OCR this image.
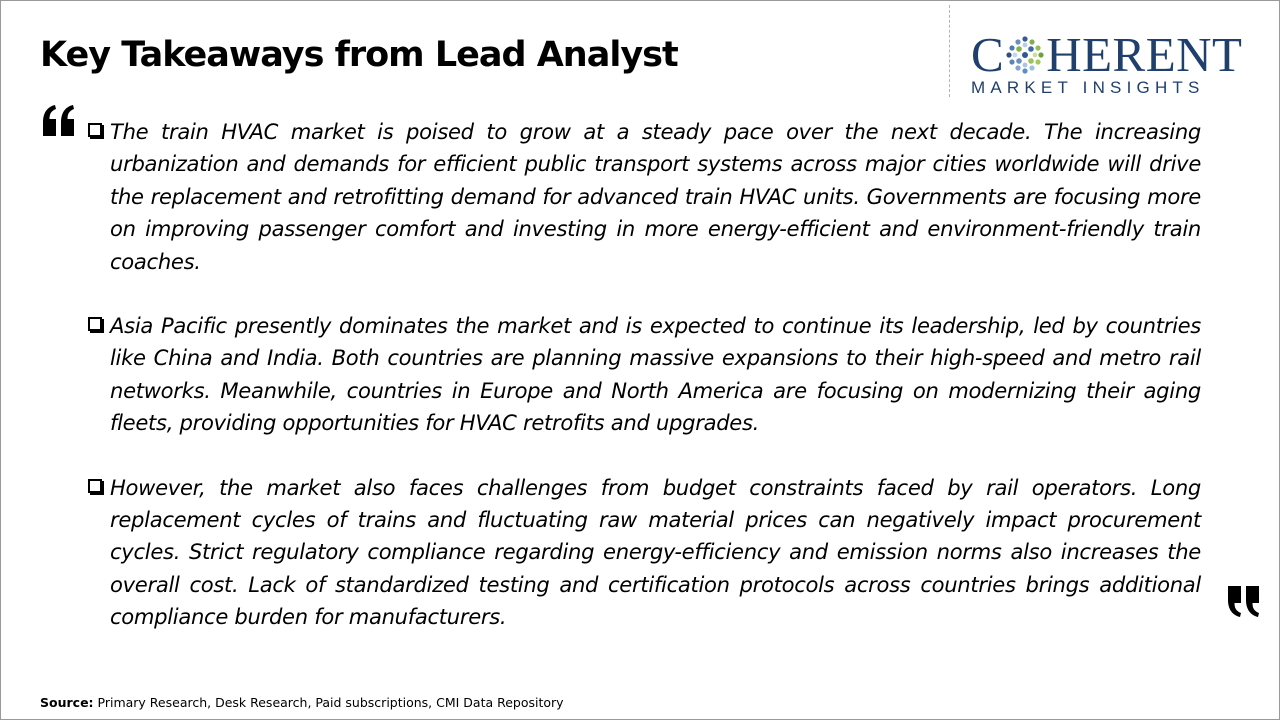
Key Takeaways from Lead Analyst	C HERENT
MARKET INSIGHTS
The train HVAC market is poised to grow at a steady pace over the next decade. The increasing urbanization and demands for efficient public transport systems across major cities worldwide will drive the replacement and retrofitting demand for advanced train HVAC units. Governments are focusing more on improving passenger comfort and investing in more energy-efficient and environment-friendly train coaches.
Asia Pacific presently dominates the market and is expected to continue its leadership, led by countries like China and India. Both countries are planning massive expansions to their high-speed and metro rail networks. Meanwhile, countries in Europe and North America are focusing on modernizing their aging fleets, providing opportunities for HVAC retrofits and upgrades.
However, the market also faces challenges from budget constraints faced by rail operators. Long replacement cycles of trains and fluctuating raw material prices can negatively impact procurement cycles. Strict regulatory compliance regarding energy-efficiency and emission norms also increases the overall cost. Lack of standardized testing and certification protocols across countries brings additional compliance burden for manufacturers.
Source: Primary Research, Desk Research, Paid subscriptions, CMI Data Repository
